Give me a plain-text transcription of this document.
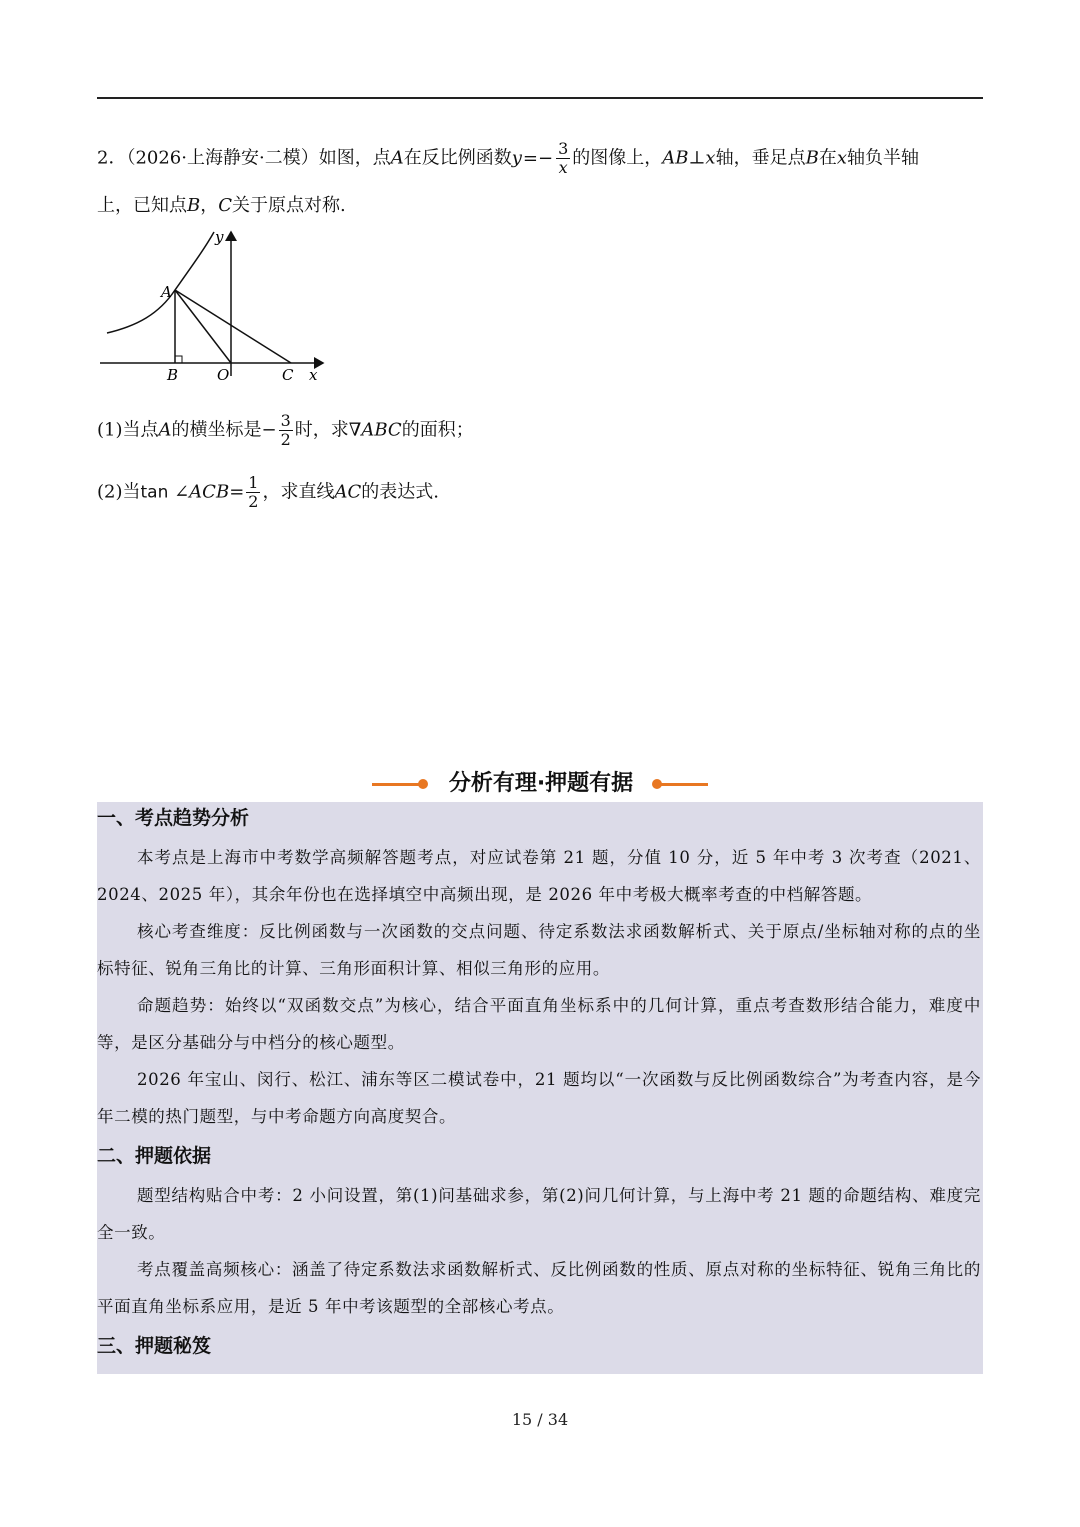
2．（2026·上海静安·二模）如图，点A在反比例函数$y=- \frac{3}{x}$ 的图像上，AB⊥x轴，垂足点B在x轴负半轴
上，已知点B，C关于原点对称.
y
A
B	O	C x
(1)当点A的横坐标是− $\frac{3}{2}$ 时，求∇ABC的面积；
(2)当tan ∠ACB= $\frac{1}{2}$ ，求直线AC的表达式.
分析有理·押题有据
一、考点趋势分析
本考点是上海市中考数学高频解答题考点，对应试卷第 21 题，分值 10 分，近 5 年中考 3 次考查（2021、2024、2025 年），其余年份也在选择填空中高频出现，是 2026 年中考极大概率考查的中档解答题。
核心考查维度：反比例函数与一次函数的交点问题、待定系数法求函数解析式、关于原点/坐标轴对称的点的坐标特征、锐角三角比的计算、三角形面积计算、相似三角形的应用。
命题趋势：始终以“双函数交点”为核心，结合平面直角坐标系中的几何计算，重点考查数形结合能力，难度中等，是区分基础分与中档分的核心题型。
2026 年宝山、闵行、松江、浦东等区二模试卷中，21 题均以“一次函数与反比例函数综合”为考查内容，是今年二模的热门题型，与中考命题方向高度契合。
二、押题依据
题型结构贴合中考：2 小问设置，第(1)问基础求参，第(2)问几何计算，与上海中考 21 题的命题结构、难度完全一致。
考点覆盖高频核心：涵盖了待定系数法求函数解析式、反比例函数的性质、原点对称的坐标特征、锐角三角比的平面直角坐标系应用，是近 5 年中考该题型的全部核心考点。
三、押题秘笈
15 / 34
